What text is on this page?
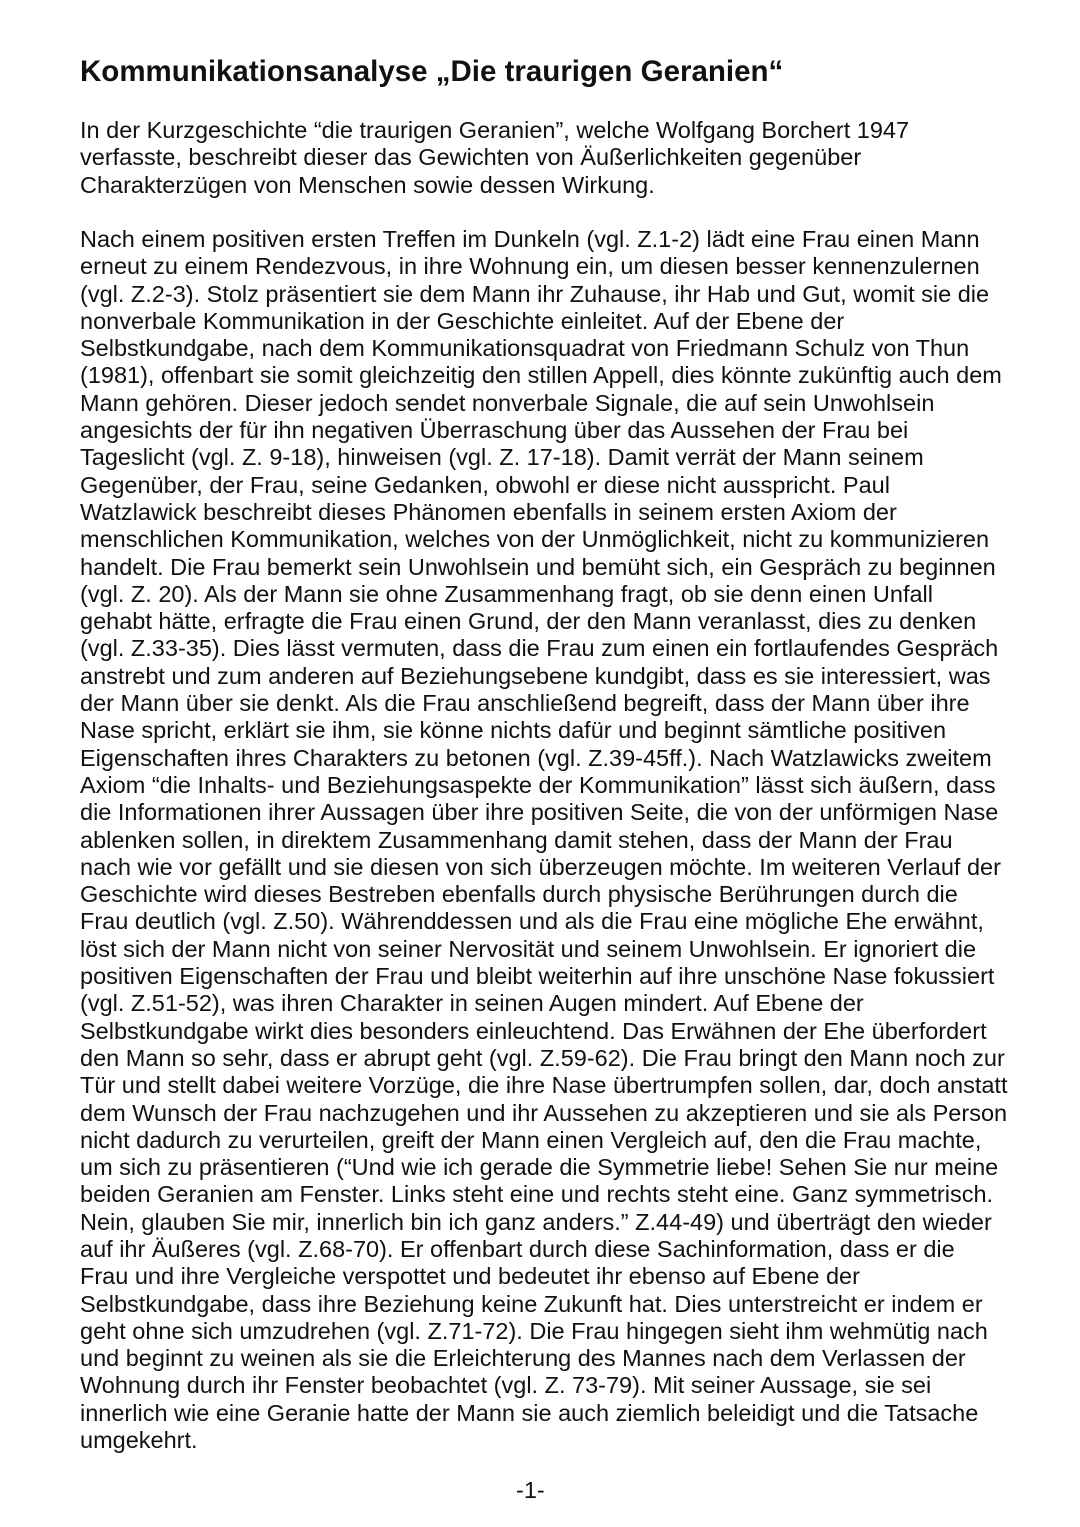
Kommunikationsanalyse „Die traurigen Geranien“
In der Kurzgeschichte “die traurigen Geranien”, welche Wolfgang Borchert 1947
verfasste, beschreibt dieser das Gewichten von Äußerlichkeiten gegenüber
Charakterzügen von Menschen sowie dessen Wirkung.
Nach einem positiven ersten Treffen im Dunkeln (vgl. Z.1-2) lädt eine Frau einen Mann
erneut zu einem Rendezvous, in ihre Wohnung ein, um diesen besser kennenzulernen
(vgl. Z.2-3). Stolz präsentiert sie dem Mann ihr Zuhause, ihr Hab und Gut, womit sie die
nonverbale Kommunikation in der Geschichte einleitet. Auf der Ebene der
Selbstkundgabe, nach dem Kommunikationsquadrat von Friedmann Schulz von Thun
(1981), offenbart sie somit gleichzeitig den stillen Appell, dies könnte zukünftig auch dem
Mann gehören. Dieser jedoch sendet nonverbale Signale, die auf sein Unwohlsein
angesichts der für ihn negativen Überraschung über das Aussehen der Frau bei
Tageslicht (vgl. Z. 9-18), hinweisen (vgl. Z. 17-18). Damit verrät der Mann seinem
Gegenüber, der Frau, seine Gedanken, obwohl er diese nicht ausspricht. Paul
Watzlawick beschreibt dieses Phänomen ebenfalls in seinem ersten Axiom der
menschlichen Kommunikation, welches von der Unmöglichkeit, nicht zu kommunizieren
handelt. Die Frau bemerkt sein Unwohlsein und bemüht sich, ein Gespräch zu beginnen
(vgl. Z. 20). Als der Mann sie ohne Zusammenhang fragt, ob sie denn einen Unfall
gehabt hätte, erfragte die Frau einen Grund, der den Mann veranlasst, dies zu denken
(vgl. Z.33-35). Dies lässt vermuten, dass die Frau zum einen ein fortlaufendes Gespräch
anstrebt und zum anderen auf Beziehungsebene kundgibt, dass es sie interessiert, was
der Mann über sie denkt. Als die Frau anschließend begreift, dass der Mann über ihre
Nase spricht, erklärt sie ihm, sie könne nichts dafür und beginnt sämtliche positiven
Eigenschaften ihres Charakters zu betonen (vgl. Z.39-45ff.). Nach Watzlawicks zweitem
Axiom “die Inhalts- und Beziehungsaspekte der Kommunikation” lässt sich äußern, dass
die Informationen ihrer Aussagen über ihre positiven Seite, die von der unförmigen Nase
ablenken sollen, in direktem Zusammenhang damit stehen, dass der Mann der Frau
nach wie vor gefällt und sie diesen von sich überzeugen möchte. Im weiteren Verlauf der
Geschichte wird dieses Bestreben ebenfalls durch physische Berührungen durch die
Frau deutlich (vgl. Z.50). Währenddessen und als die Frau eine mögliche Ehe erwähnt,
löst sich der Mann nicht von seiner Nervosität und seinem Unwohlsein. Er ignoriert die
positiven Eigenschaften der Frau und bleibt weiterhin auf ihre unschöne Nase fokussiert
(vgl. Z.51-52), was ihren Charakter in seinen Augen mindert. Auf Ebene der
Selbstkundgabe wirkt dies besonders einleuchtend. Das Erwähnen der Ehe überfordert
den Mann so sehr, dass er abrupt geht (vgl. Z.59-62). Die Frau bringt den Mann noch zur
Tür und stellt dabei weitere Vorzüge, die ihre Nase übertrumpfen sollen, dar, doch anstatt
dem Wunsch der Frau nachzugehen und ihr Aussehen zu akzeptieren und sie als Person
nicht dadurch zu verurteilen, greift der Mann einen Vergleich auf, den die Frau machte,
um sich zu präsentieren (“Und wie ich gerade die Symmetrie liebe! Sehen Sie nur meine
beiden Geranien am Fenster. Links steht eine und rechts steht eine. Ganz symmetrisch.
Nein, glauben Sie mir, innerlich bin ich ganz anders.” Z.44-49) und überträgt den wieder
auf ihr Äußeres (vgl. Z.68-70). Er offenbart durch diese Sachinformation, dass er die
Frau und ihre Vergleiche verspottet und bedeutet ihr ebenso auf Ebene der
Selbstkundgabe, dass ihre Beziehung keine Zukunft hat. Dies unterstreicht er indem er
geht ohne sich umzudrehen (vgl. Z.71-72). Die Frau hingegen sieht ihm wehmütig nach
und beginnt zu weinen als sie die Erleichterung des Mannes nach dem Verlassen der
Wohnung durch ihr Fenster beobachtet (vgl. Z. 73-79). Mit seiner Aussage, sie sei
innerlich wie eine Geranie hatte der Mann sie auch ziemlich beleidigt und die Tatsache
umgekehrt.
-1-
